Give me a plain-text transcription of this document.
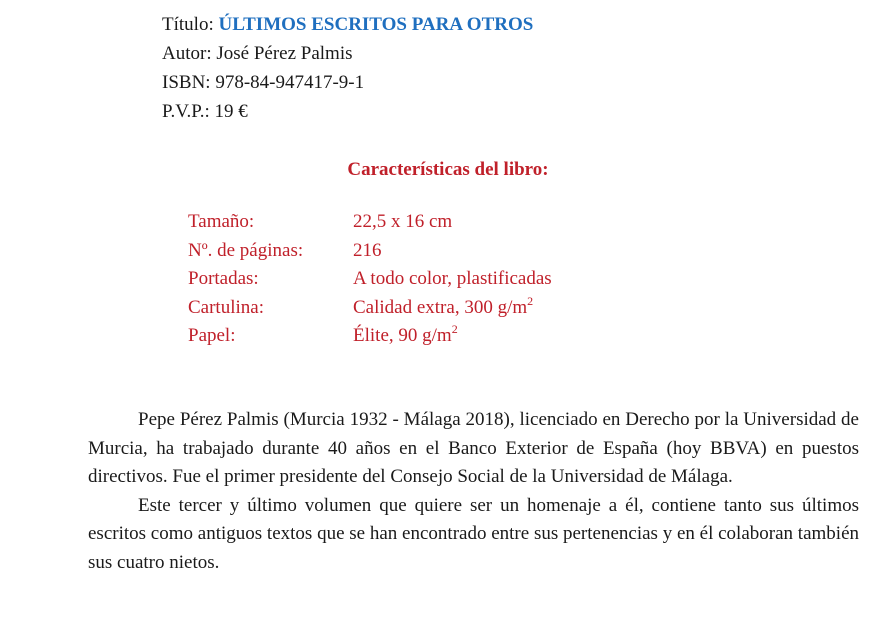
Título: ÚLTIMOS ESCRITOS PARA OTROS
Autor: José Pérez Palmis
ISBN: 978-84-947417-9-1
P.V.P.: 19 €
Características del libro:
Tamaño:	22,5 x 16 cm
Nº. de páginas:	216
Portadas:	A todo color, plastificadas
Cartulina:	Calidad extra, 300 $g/m^2$
Papel:	Élite, 90 $g/m^2$

Pepe Pérez Palmis (Murcia 1932 - Málaga 2018), licenciado en Derecho por la Universidad de Murcia, ha trabajado durante 40 años en el Banco Exterior de España (hoy BBVA) en puestos directivos. Fue el primer presidente del Consejo Social de la Universidad de Málaga.

Este tercer y último volumen que quiere ser un homenaje a él, contiene tanto sus últimos escritos como antiguos textos que se han encontrado entre sus pertenencias y en él colaboran también sus cuatro nietos.
